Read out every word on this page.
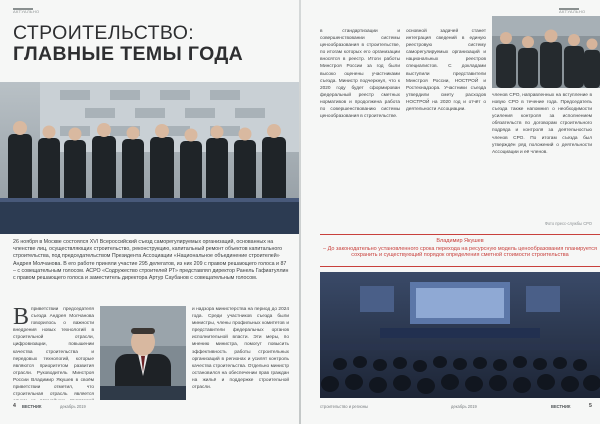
АКТУАЛЬНО
СТРОИТЕЛЬСТВО:
ГЛАВНЫЕ ТЕМЫ ГОДА

26 ноября в Москве состоялся XVI Всероссийский съезд саморегулируемых организаций, основанных на членстве лиц, осуществляющих строительство, реконструкцию, капитальный ремонт объектов капитального строительства, под председательством Президента Ассоциации «Национальное объединение строителей» Андрея Молчанова. В его работе приняли участие 295 делегатов, из них 209 с правом решающего голоса и 87 – с совещательным голосом. АСРО «Содружество строителей РТ» представлял директор Ранель Гафиатуллин с правом решающего голоса и заместитель директора Артур Саубанов с совещательным голосом.

В приветствии председателя съезда Андрея Молчанова говорилось о важности внедрения новых технологий в строительной отрасли, цифровизации, повышении качества строительства и передовых технологий, которые являются приоритетом развития отрасли. Руководитель Минстроя России Владимир Якушев в своём приветствии отметил, что строительная отрасль является

и надзора министерства на период до 2024 года. Среди участников съезда были министры, члены профильных комитетов и представители федеральных органов исполнительной власти. Эти меры, по мнению министра, помогут повысить эффективность работы строительных организаций в регионах и усилят контроль качества строительства. Отдельно министр остановился на обеспечении прав граждан на жильё и поддержке строительной отрасли.

4 ВЕСТНИК	декабрь 2019
АКТУАЛЬНО

в стандартизации и совершенствовании системы ценообразования в строительстве, по итогам которых его организации вносятся в реестр. Итоги работы Минстроя России за год были высоко оценены участниками съезда. Министр подчеркнул, что к 2020 году будет сформирован федеральный реестр сметных нормативов и продолжена работа по совершенствованию системы ценообразования в строительстве.

основной задачей станет интеграция сведений в единую реестровую систему саморегулируемых организаций и национальных реестров специалистов. С докладами выступили представители Минстроя России, НОСТРОЙ и Ростехнадзора. Участники съезда утвердили смету расходов НОСТРОЙ на 2020 год и отчёт о деятельности Ассоциации.

членов СРО, направленных на вступление в новую СРО в течение года. Председатель съезда также напомнил о необходимости усиления контроля за исполнением обязательств по договорам строительного подряда и контроля за деятельностью членов СРО. По итогам съезда был утверждён ряд положений о деятельности Ассоциации и её членов.

Фото пресс-службы СРО
Владимир Якушев
– До законодательно установленного срока перехода на ресурсную модель ценообразования планируется сохранить и существующий порядок определения сметной стоимости строительства
строительство и регионы	декабрь 2019	ВЕСТНИК	5
